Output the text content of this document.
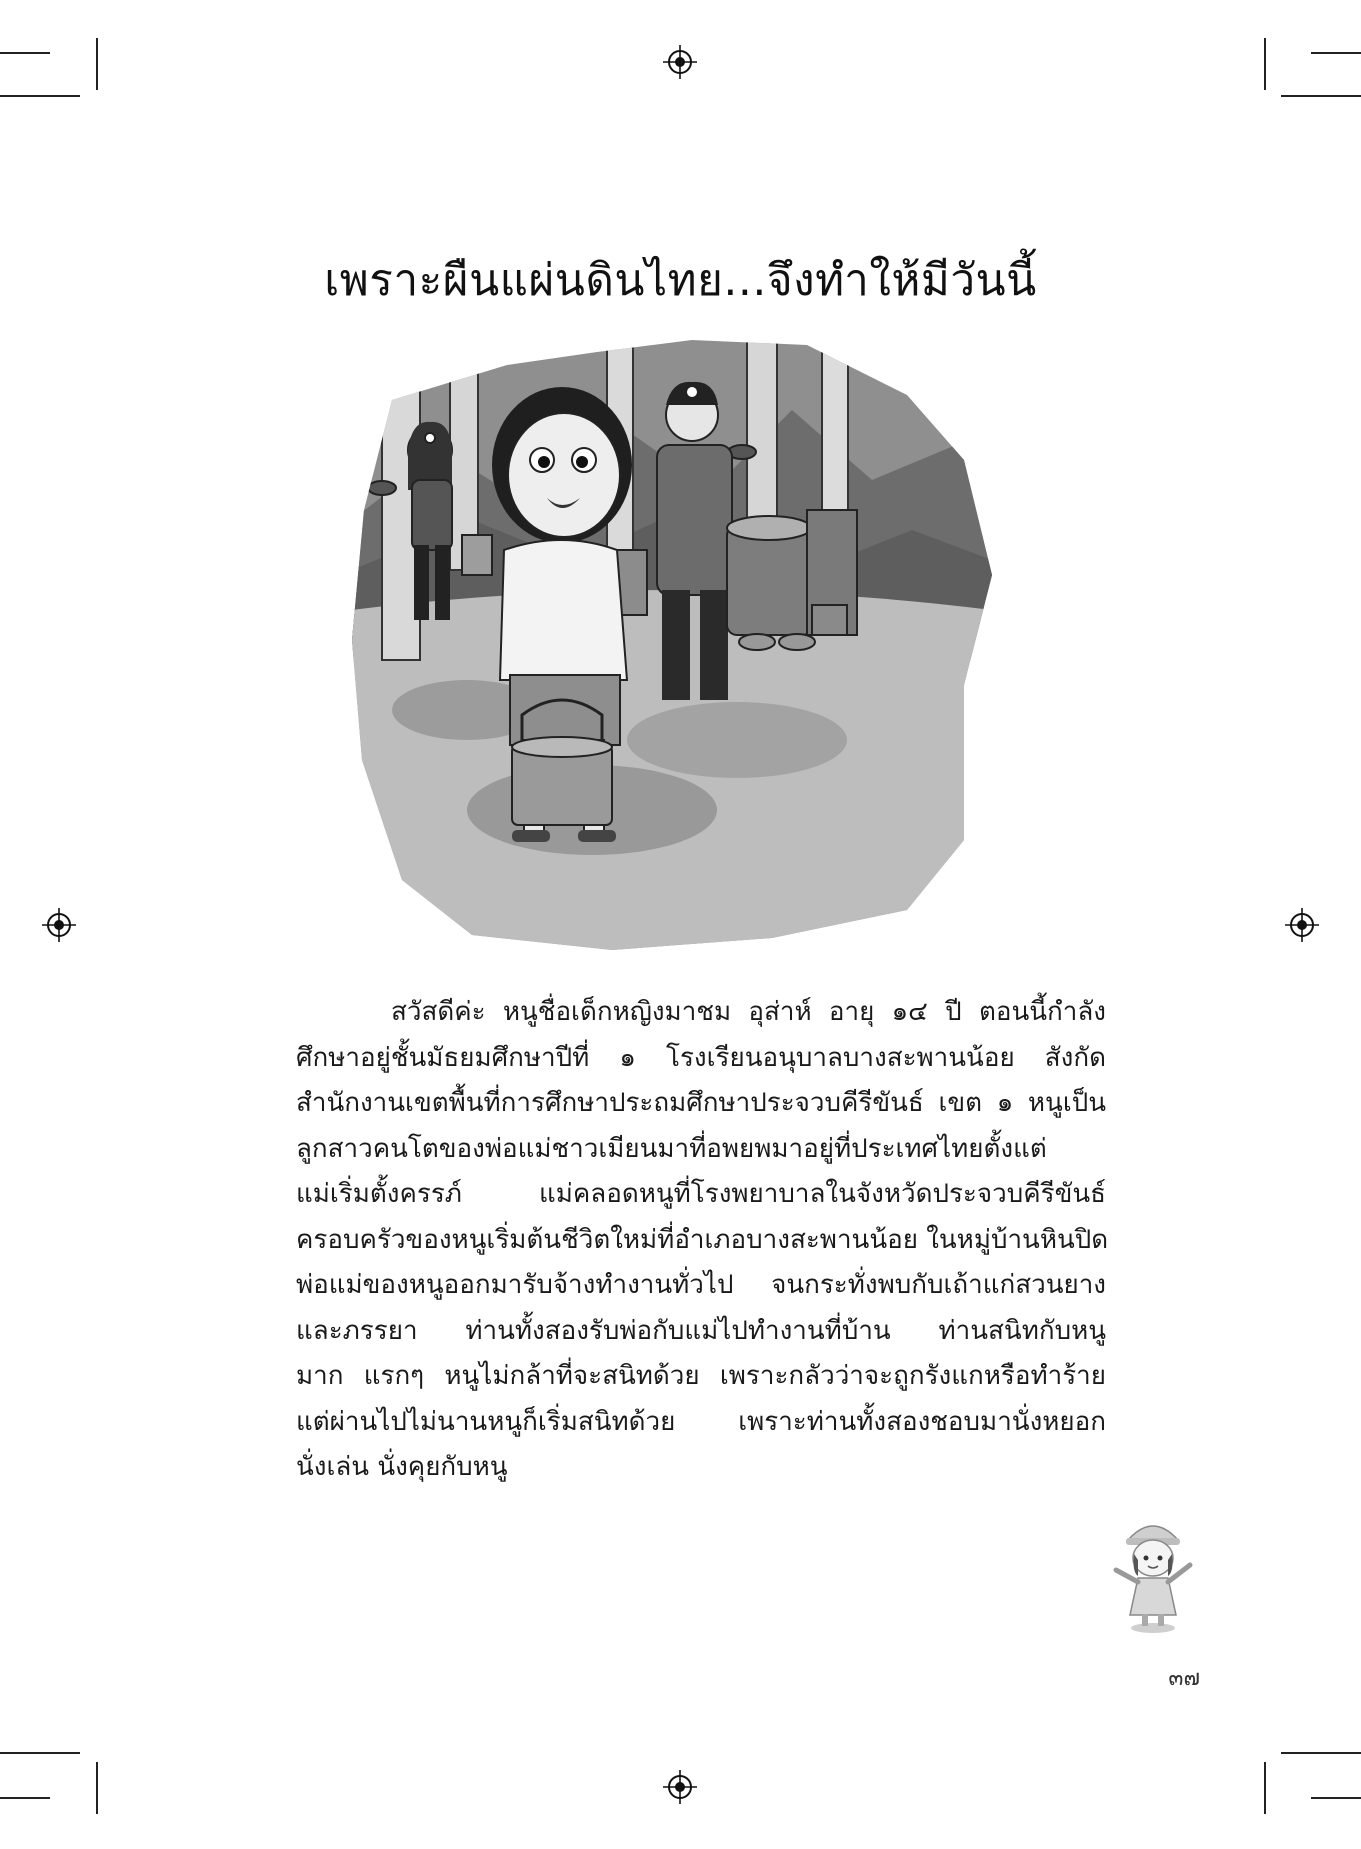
เพราะผืนแผ่นดินไทย...จึงทำให้มีวันนี้
สวัสดีค่ะ หนูชื่อเด็กหญิงมาชม อุส่าห์ อายุ ๑๔ ปี ตอนนี้กำลัง
ศึกษาอยู่ชั้นมัธยมศึกษาปีที่ ๑ โรงเรียนอนุบาลบางสะพานน้อย สังกัด
สำนักงานเขตพื้นที่การศึกษาประถมศึกษาประจวบคีรีขันธ์ เขต ๑ หนูเป็น
ลูกสาวคนโตของพ่อแม่ชาวเมียนมาที่อพยพมาอยู่ที่ประเทศไทยตั้งแต่
แม่เริ่มตั้งครรภ์ แม่คลอดหนูที่โรงพยาบาลในจังหวัดประจวบคีรีขันธ์
ครอบครัวของหนูเริ่มต้นชีวิตใหม่ที่อำเภอบางสะพานน้อย ในหมู่บ้านหินปิด
พ่อแม่ของหนูออกมารับจ้างทำงานทั่วไป จนกระทั่งพบกับเถ้าแก่สวนยาง
และภรรยา ท่านทั้งสองรับพ่อกับแม่ไปทำงานที่บ้าน ท่านสนิทกับหนู
มาก แรกๆ หนูไม่กล้าที่จะสนิทด้วย เพราะกลัวว่าจะถูกรังแกหรือทำร้าย
แต่ผ่านไปไม่นานหนูก็เริ่มสนิทด้วย เพราะท่านทั้งสองชอบมานั่งหยอก
นั่งเล่น นั่งคุยกับหนู
๓๗
